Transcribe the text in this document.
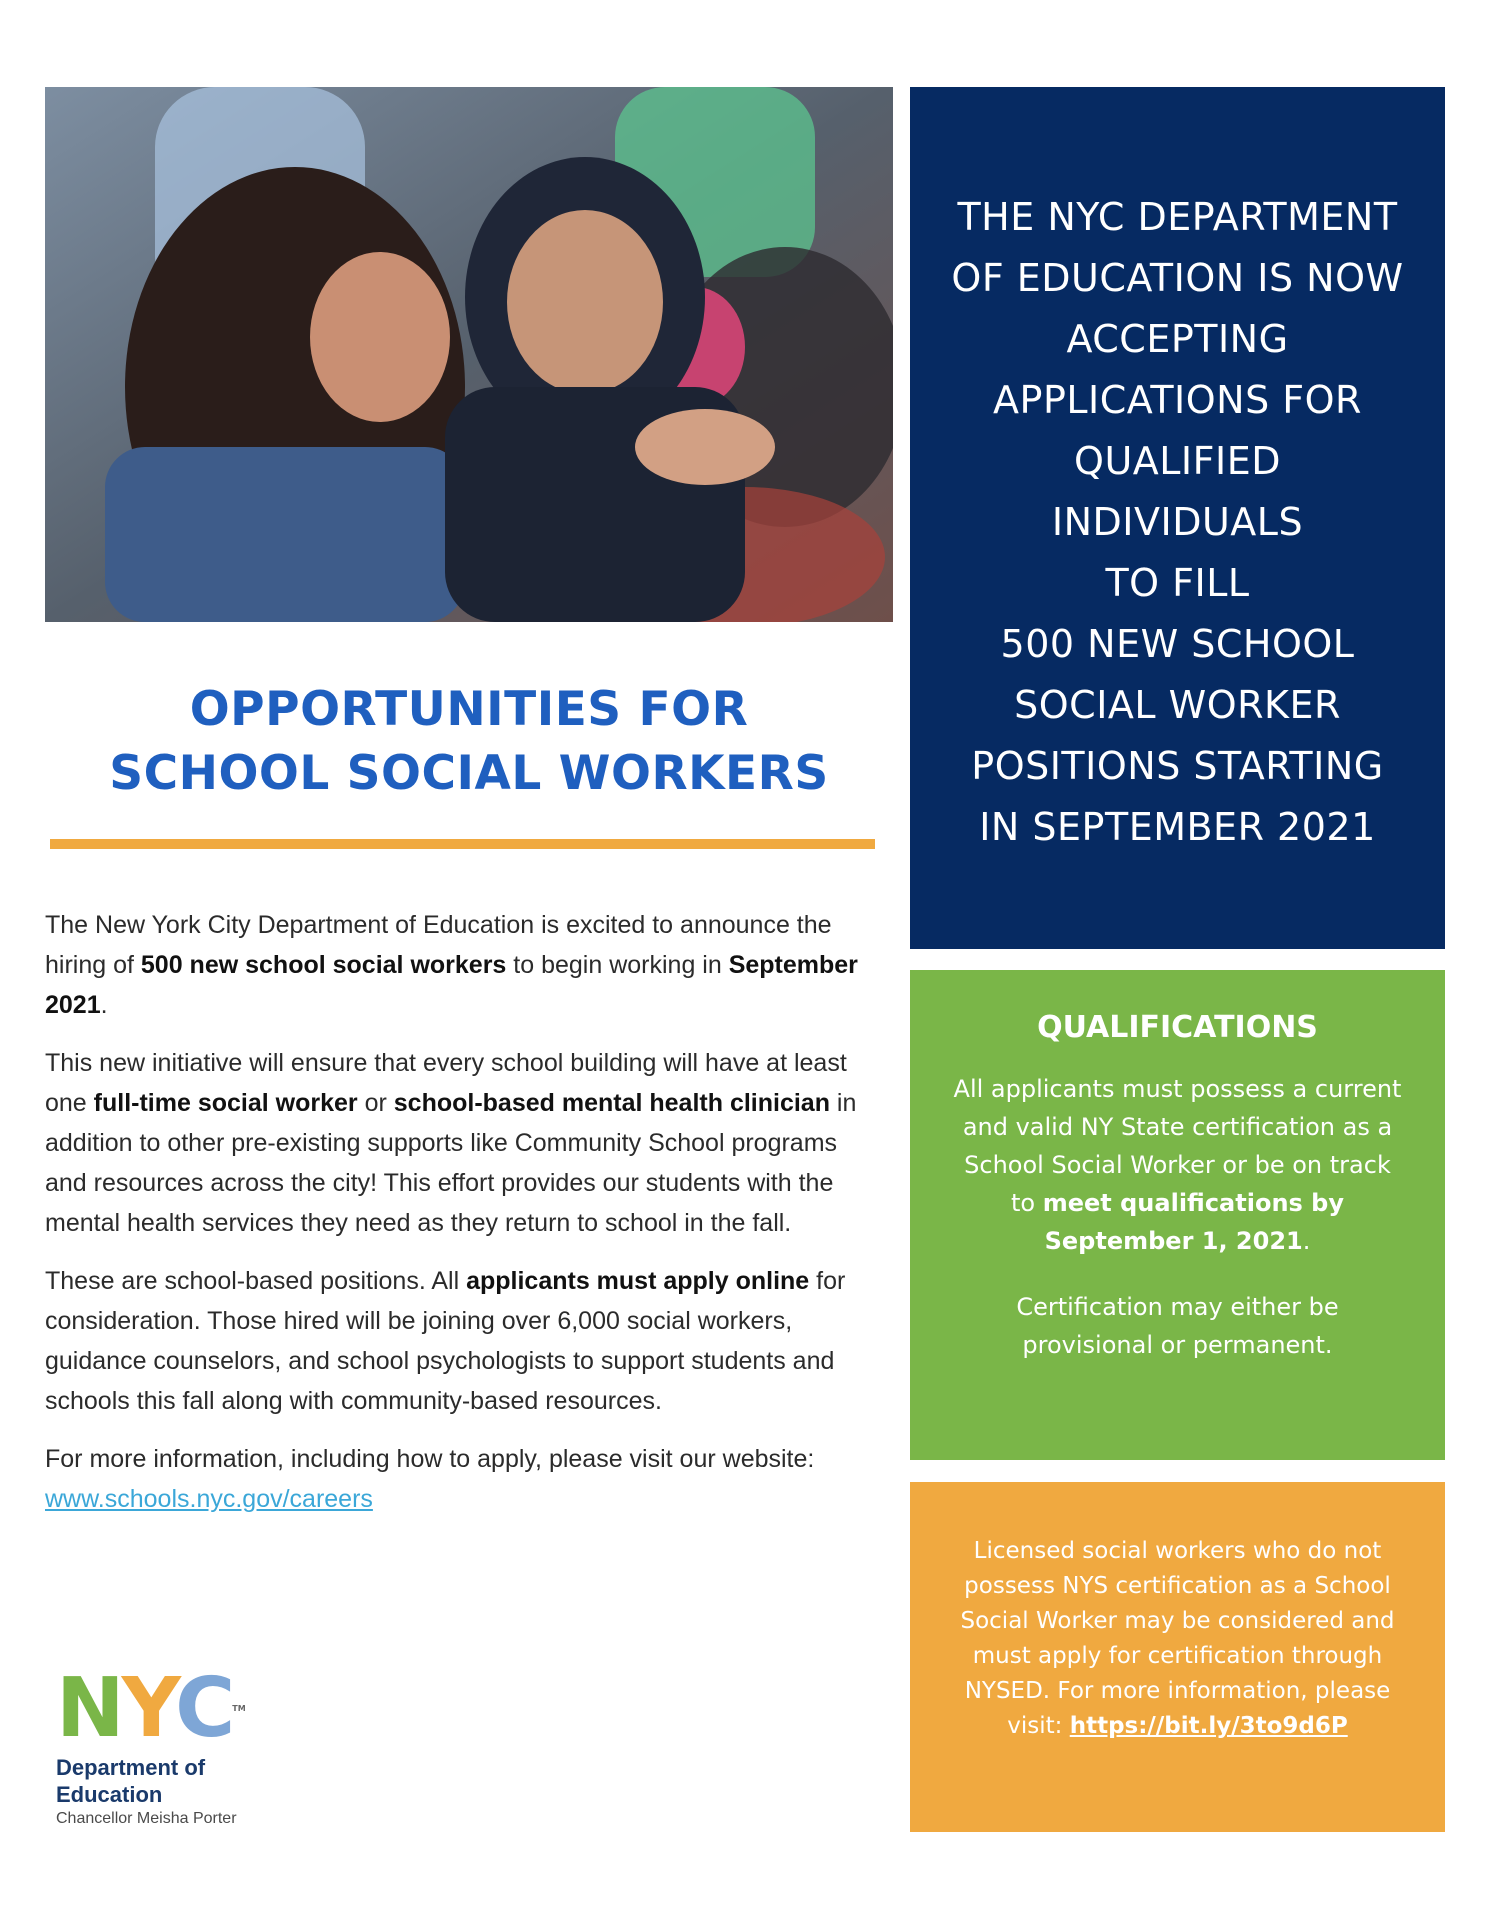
OPPORTUNITIES FOR
SCHOOL SOCIAL WORKERS

The New York City Department of Education is excited to announce the hiring of 500 new school social workers to begin working in September 2021.

This new initiative will ensure that every school building will have at least one full-time social worker or school-based mental health clinician in addition to other pre-existing supports like Community School programs and resources across the city! This effort provides our students with the mental health services they need as they return to school in the fall.

These are school-based positions. All applicants must apply online for consideration. Those hired will be joining over 6,000 social workers, guidance counselors, and school psychologists to support students and schools this fall along with community-based resources.

For more information, including how to apply, please visit our website: www.schools.nyc.gov/careers

NYC™
Department of
Education
Chancellor Meisha Porter
THE NYC DEPARTMENT
OF EDUCATION IS NOW
ACCEPTING
APPLICATIONS FOR
QUALIFIED
INDIVIDUALS
TO FILL
500 NEW SCHOOL
SOCIAL WORKER
POSITIONS STARTING
IN SEPTEMBER 2021
QUALIFICATIONS
All applicants must possess a current and valid NY State certification as a School Social Worker or be on track to meet qualifications by September 1, 2021.
Certification may either be provisional or permanent.
Licensed social workers who do not possess NYS certification as a School Social Worker may be considered and must apply for certification through NYSED. For more information, please visit: https://bit.ly/3to9d6P
